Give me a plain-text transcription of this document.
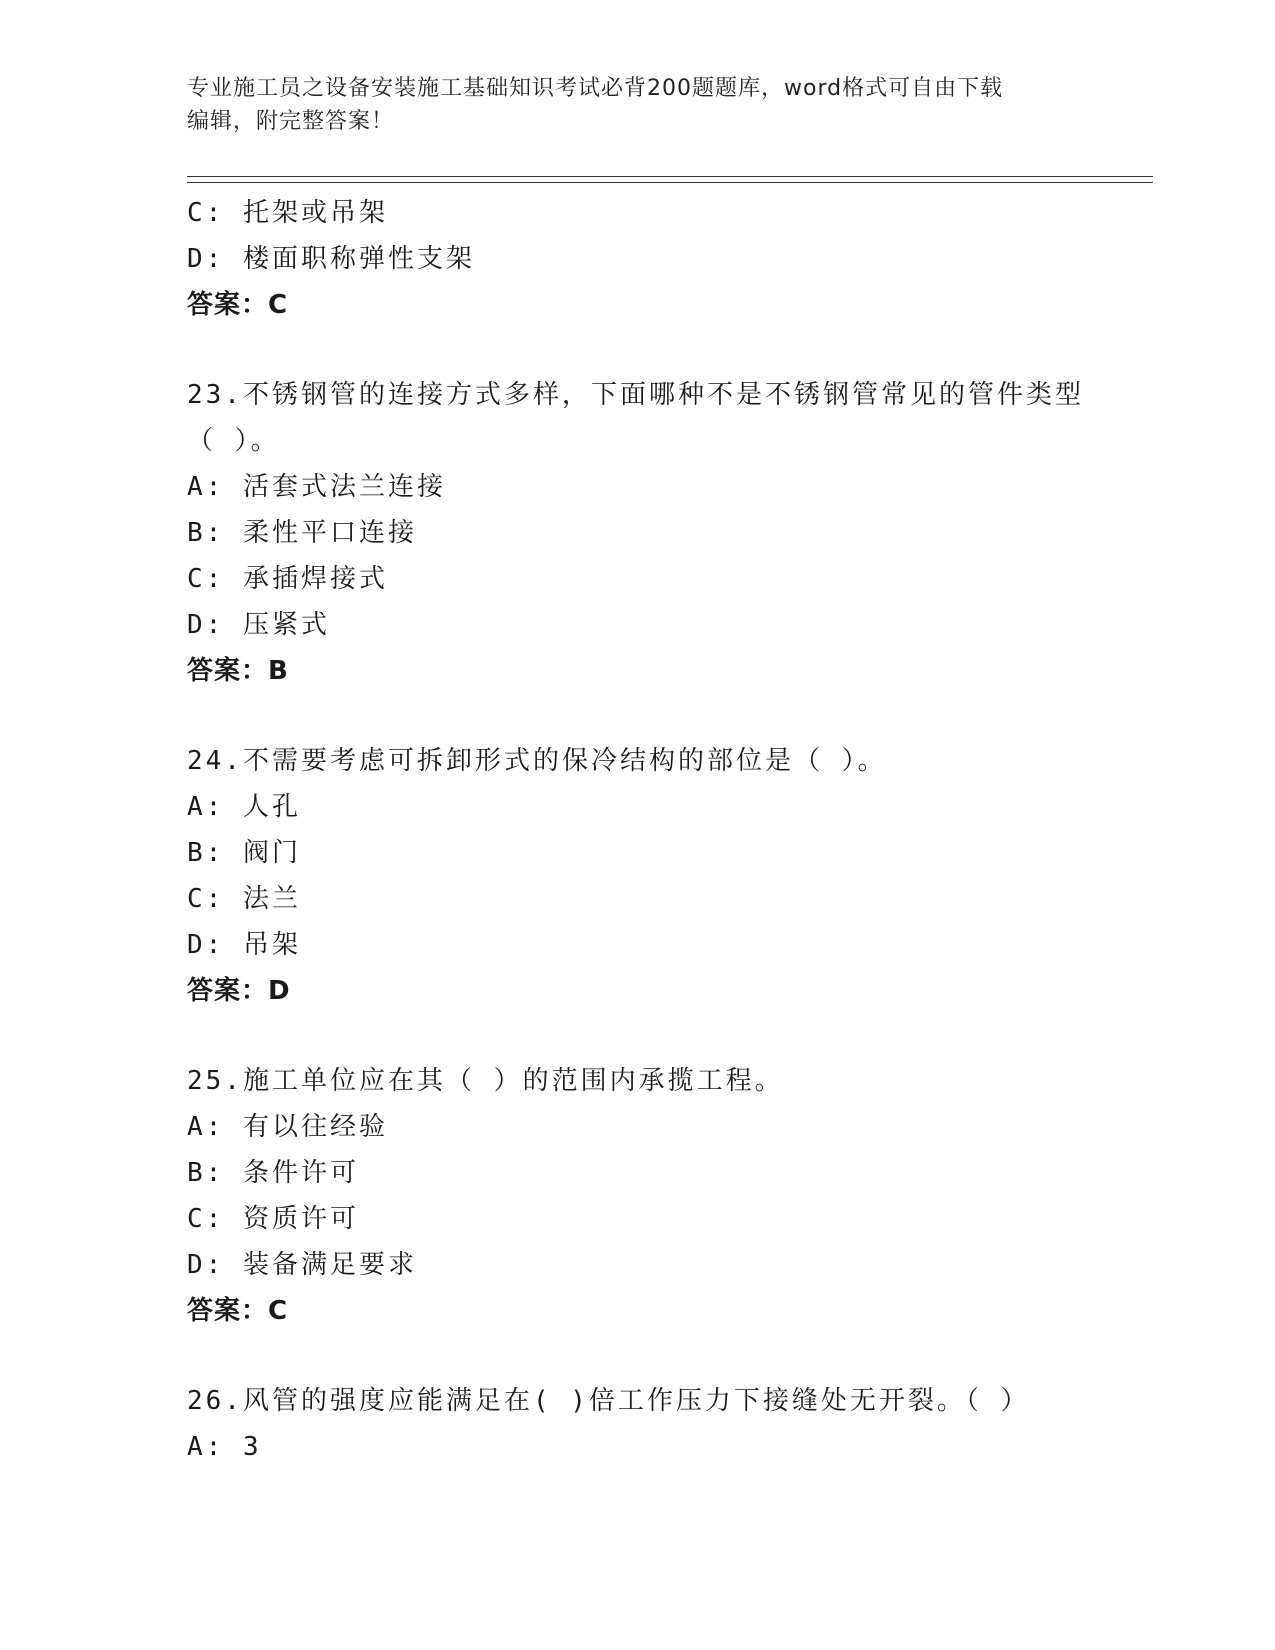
专业施工员之设备安装施工基础知识考试必背200题题库，word格式可自由下载
编辑，附完整答案！
C: 托架或吊架
D: 楼面职称弹性支架
答案：C
23.不锈钢管的连接方式多样，下面哪种不是不锈钢管常见的管件类型
（ ）。
A: 活套式法兰连接
B: 柔性平口连接
C: 承插焊接式
D: 压紧式
答案：B
24.不需要考虑可拆卸形式的保冷结构的部位是（ ）。
A: 人孔
B: 阀门
C: 法兰
D: 吊架
答案：D
25.施工单位应在其（ ）的范围内承揽工程。
A: 有以往经验
B: 条件许可
C: 资质许可
D: 装备满足要求
答案：C
26.风管的强度应能满足在( )倍工作压力下接缝处无开裂。（ ）
A: 3
